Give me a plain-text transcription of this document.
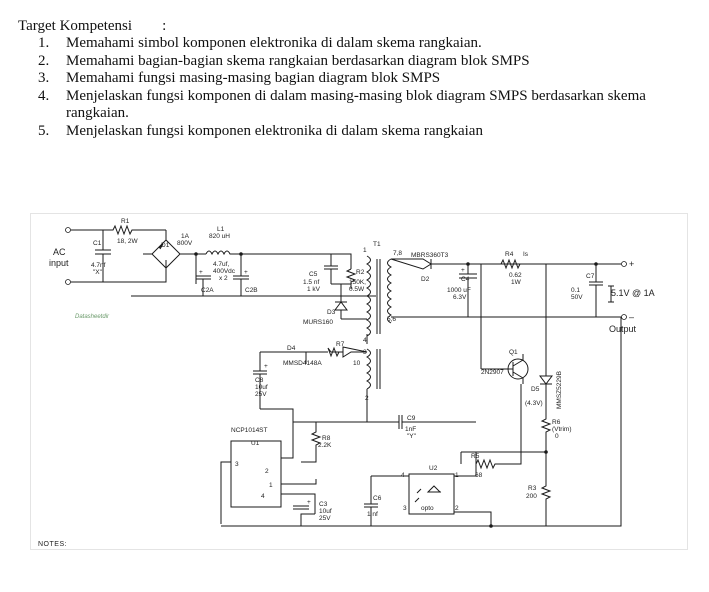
Target Kompetensi :
1.	Memahami simbol komponen elektronika di dalam skema rangkaian.
2.	Memahami bagian-bagian skema rangkaian berdasarkan diagram blok SMPS
3.	Memahami fungsi masing-masing bagian diagram blok SMPS
4.	Menjelaskan fungsi komponen di dalam masing-masing blok diagram SMPS berdasarkan skema rangkaian.
5.	Menjelaskan fungsi komponen elektronika di dalam skema rangkaian
AC
input
R1
18, 2W
C1
4.7nf
"X"
D1
1A
800V
L1
820 uH
+	+
4.7uf,
400Vdc
x 2
C2A	C2B
C5
1.5 nf
1 kV
R2
150K,
0.5W
D3
MURS160
T1
1	7,8
5,6
4
3
2
D4
R7
MMSD4148A	10
+
C8
10uf
25V
NCP1014ST
U1
3
2
1
4
R8
2.2K
C3
10uf
25V
+
C6
1 nf
C9
1nF
"Y"
U2
4	1
3	2
opto
MBRS360T3
D2
+
C4
1000 uF
6.3V
R4 Is
0.62
1W
C7
0.1
50V
+
–
5.1V @ 1A
Output
Q1
2N2907
D5
(4.3V) MMSZ5229B
R6
(Vtrim)
0
R5
68
R3
200
Datasheetdir
NOTES:
